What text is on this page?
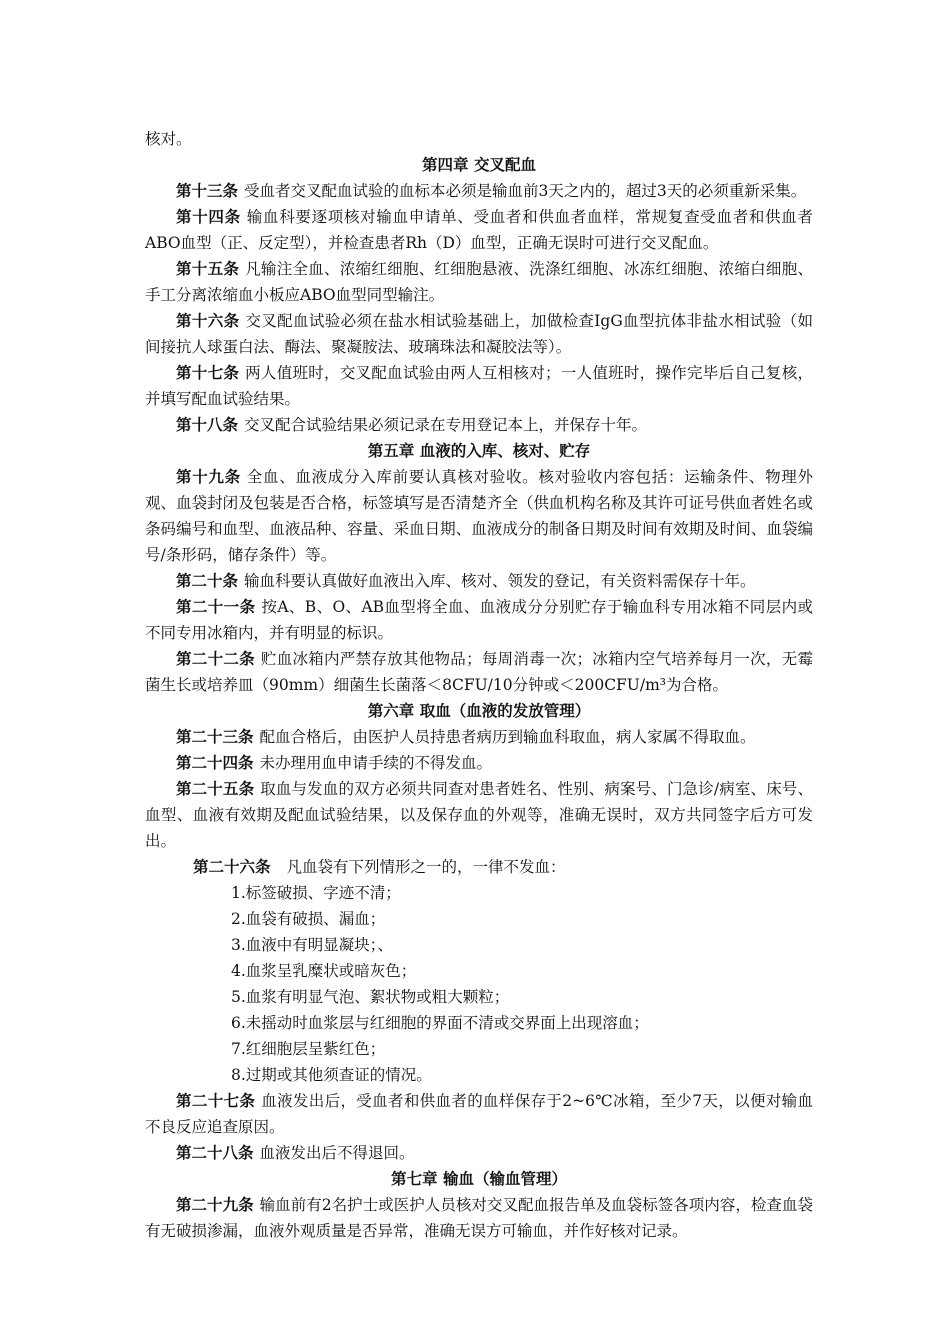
核对。
第四章 交叉配血
第十三条 受血者交叉配血试验的血标本必须是输血前3天之内的，超过3天的必须重新采集。
第十四条 输血科要逐项核对输血申请单、受血者和供血者血样，常规复查受血者和供血者ABO血型（正、反定型），并检查患者Rh（D）血型，正确无误时可进行交叉配血。
第十五条 凡输注全血、浓缩红细胞、红细胞悬液、洗涤红细胞、冰冻红细胞、浓缩白细胞、手工分离浓缩血小板应ABO血型同型输注。
第十六条 交叉配血试验必须在盐水相试验基础上，加做检查IgG血型抗体非盐水相试验（如间接抗人球蛋白法、酶法、聚凝胺法、玻璃珠法和凝胶法等）。
第十七条 两人值班时，交叉配血试验由两人互相核对；一人值班时，操作完毕后自己复核，并填写配血试验结果。
第十八条 交叉配合试验结果必须记录在专用登记本上，并保存十年。
第五章 血液的入库、核对、贮存
第十九条 全血、血液成分入库前要认真核对验收。核对验收内容包括：运输条件、物理外观、血袋封闭及包装是否合格，标签填写是否清楚齐全（供血机构名称及其许可证号供血者姓名或条码编号和血型、血液品种、容量、采血日期、血液成分的制备日期及时间有效期及时间、血袋编号/条形码，储存条件）等。
第二十条 输血科要认真做好血液出入库、核对、领发的登记，有关资料需保存十年。
第二十一条 按A、B、O、AB血型将全血、血液成分分别贮存于输血科专用冰箱不同层内或不同专用冰箱内，并有明显的标识。
第二十二条 贮血冰箱内严禁存放其他物品；每周消毒一次；冰箱内空气培养每月一次，无霉菌生长或培养皿（90mm）细菌生长菌落＜8CFU/10分钟或＜200CFU/m³为合格。
第六章 取血（血液的发放管理）
第二十三条 配血合格后，由医护人员持患者病历到输血科取血，病人家属不得取血。
第二十四条 未办理用血申请手续的不得发血。
第二十五条 取血与发血的双方必须共同查对患者姓名、性别、病案号、门急诊/病室、床号、血型、血液有效期及配血试验结果，以及保存血的外观等，准确无误时，双方共同签字后方可发出。
第二十六条 凡血袋有下列情形之一的，一律不发血：
1.标签破损、字迹不清；
2.血袋有破损、漏血；
3.血液中有明显凝块；、
4.血浆呈乳糜状或暗灰色；
5.血浆有明显气泡、絮状物或粗大颗粒；
6.未摇动时血浆层与红细胞的界面不清或交界面上出现溶血；
7.红细胞层呈紫红色；
8.过期或其他须查证的情况。
第二十七条 血液发出后，受血者和供血者的血样保存于2~6℃冰箱，至少7天，以便对输血不良反应追查原因。
第二十八条 血液发出后不得退回。
第七章 输血（输血管理）
第二十九条 输血前有2名护士或医护人员核对交叉配血报告单及血袋标签各项内容，检查血袋有无破损渗漏，血液外观质量是否异常，准确无误方可输血，并作好核对记录。
